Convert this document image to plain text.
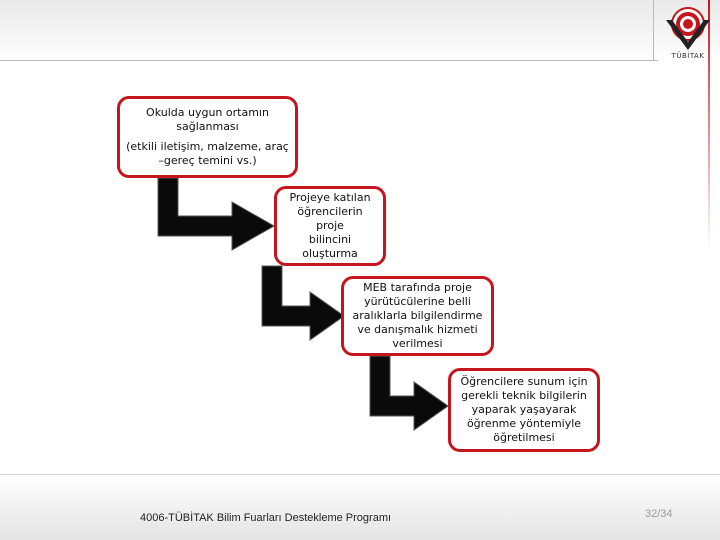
TÜBİTAK
Okulda uygun ortamın
sağlanması
(etkili iletişim, malzeme, araç
–gereç temini vs.)
Projeye katılan
öğrencilerin proje
bilincini oluşturma
MEB tarafında proje
yürütücülerine belli
aralıklarla bilgilendirme
ve danışmalık hizmeti
verilmesi
Öğrencilere sunum için
gerekli teknik bilgilerin
yaparak yaşayarak
öğrenme yöntemiyle
öğretilmesi
4006-TÜBİTAK Bilim Fuarları Destekleme Programı	32/34
